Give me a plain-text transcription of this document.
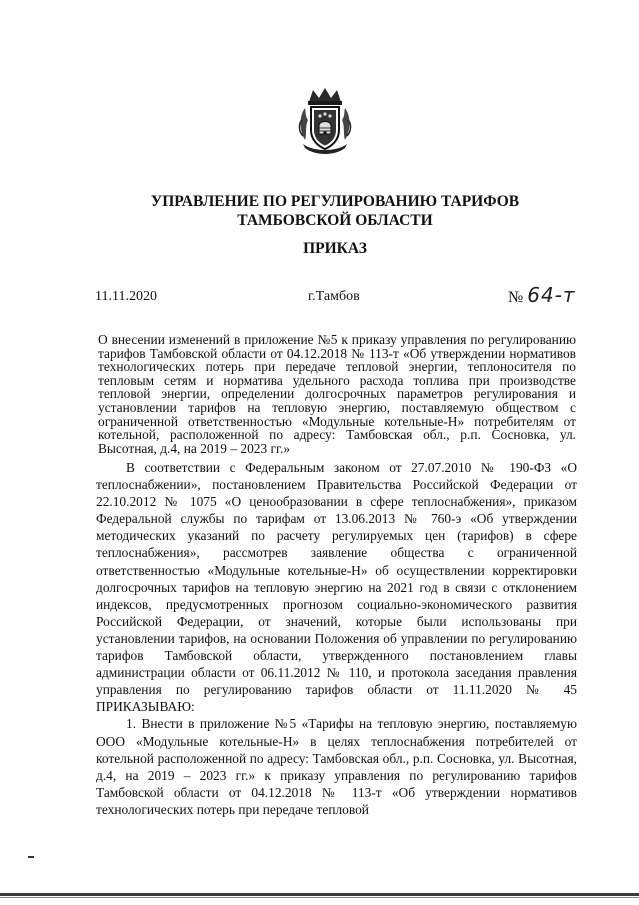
УПРАВЛЕНИЕ ПО РЕГУЛИРОВАНИЮ ТАРИФОВ
ТАМБОВСКОЙ ОБЛАСТИ
ПРИКАЗ
11.11.2020	г.Тамбов	№ 64-т
О внесении изменений в приложение №5 к приказу управления по регулированию тарифов Тамбовской области от 04.12.2018 № 113-т «Об утверждении нормативов технологических потерь при передаче тепловой энергии, теплоносителя по тепловым сетям и норматива удельного расхода топлива при производстве тепловой энергии, определении долгосрочных параметров регулирования и установлении тарифов на тепловую энергию, поставляемую обществом с ограниченной ответственностью «Модульные котельные-Н» потребителям от котельной, расположенной по адресу: Тамбовская обл., р.п. Сосновка, ул. Высотная, д.4, на 2019 – 2023 гг.»

В соответствии с Федеральным законом от 27.07.2010 № 190-ФЗ «О теплоснабжении», постановлением Правительства Российской Федерации от 22.10.2012 № 1075 «О ценообразовании в сфере теплоснабжения», приказом Федеральной службы по тарифам от 13.06.2013 № 760-э «Об утверждении методических указаний по расчету регулируемых цен (тарифов) в сфере теплоснабжения», рассмотрев заявление общества с ограниченной ответственностью «Модульные котельные-Н» об осуществлении корректировки долгосрочных тарифов на тепловую энергию на 2021 год в связи с отклонением индексов, предусмотренных прогнозом социально-экономического развития Российской Федерации, от значений, которые были использованы при установлении тарифов, на основании Положения об управлении по регулированию тарифов Тамбовской области, утвержденного постановлением главы администрации области от 06.11.2012 № 110, и протокола заседания правления управления по регулированию тарифов области от 11.11.2020 № 45 ПРИКАЗЫВАЮ:

1. Внести в приложение №5 «Тарифы на тепловую энергию, поставляемую ООО «Модульные котельные-Н» в целях теплоснабжения потребителей от котельной расположенной по адресу: Тамбовская обл., р.п. Сосновка, ул. Высотная, д.4, на 2019 – 2023 гг.» к приказу управления по регулированию тарифов Тамбовской области от 04.12.2018 № 113-т «Об утверждении нормативов технологических потерь при передаче тепловой
